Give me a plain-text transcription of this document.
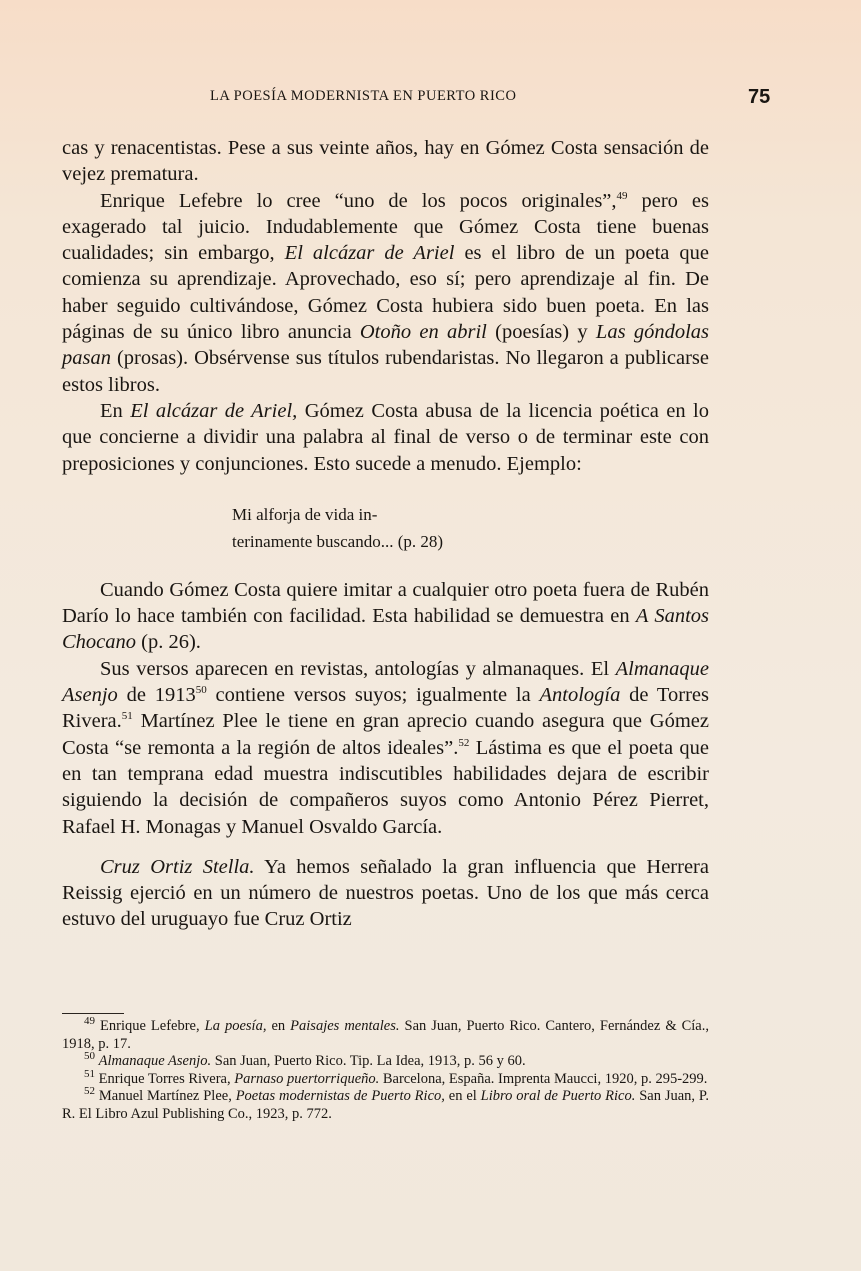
LA POESÍA MODERNISTA EN PUERTO RICO	75

cas y renacentistas. Pese a sus veinte años, hay en Gómez Costa sensación de vejez prematura.

Enrique Lefebre lo cree “uno de los pocos originales”,$^{49}$ pero es exagerado tal juicio. Indudablemente que Gómez Costa tiene buenas cualidades; sin embargo, El alcázar de Ariel es el libro de un poeta que comienza su aprendizaje. Aprovechado, eso sí; pero aprendizaje al fin. De haber seguido cultivándose, Gómez Costa hubiera sido buen poeta. En las páginas de su único libro anuncia Otoño en abril (poesías) y Las góndolas pasan (prosas). Obsérvense sus títulos rubendaristas. No llegaron a publicarse estos libros.

En El alcázar de Ariel, Gómez Costa abusa de la licencia poética en lo que concierne a dividir una palabra al final de verso o de terminar este con preposiciones y conjunciones. Esto sucede a menudo. Ejemplo:

Mi alforja de vida in-
terinamente buscando... (p. 28)

Cuando Gómez Costa quiere imitar a cualquier otro poeta fuera de Rubén Darío lo hace también con facilidad. Esta habilidad se demuestra en A Santos Chocano (p. 26).

Sus versos aparecen en revistas, antologías y almanaques. El Almanaque Asenjo de 1913$^{50}$ contiene versos suyos; igualmente la Antología de Torres Rivera.$^{51}$ Martínez Plee le tiene en gran aprecio cuando asegura que Gómez Costa “se remonta a la región de altos ideales”.$^{52}$ Lástima es que el poeta que en tan temprana edad muestra indiscutibles habilidades dejara de escribir siguiendo la decisión de compañeros suyos como Antonio Pérez Pierret, Rafael H. Monagas y Manuel Osvaldo García.

Cruz Ortiz Stella. Ya hemos señalado la gran influencia que Herrera Reissig ejerció en un número de nuestros poetas. Uno de los que más cerca estuvo del uruguayo fue Cruz Ortiz

$^{49}$ Enrique Lefebre, La poesía, en Paisajes mentales. San Juan, Puerto Rico. Cantero, Fernández & Cía., 1918, p. 17.

$^{50}$ Almanaque Asenjo. San Juan, Puerto Rico. Tip. La Idea, 1913, p. 56 y 60.

$^{51}$ Enrique Torres Rivera, Parnaso puertorriqueño. Barcelona, España. Imprenta Maucci, 1920, p. 295-299.

$^{52}$ Manuel Martínez Plee, Poetas modernistas de Puerto Rico, en el Libro oral de Puerto Rico. San Juan, P. R. El Libro Azul Publishing Co., 1923, p. 772.
